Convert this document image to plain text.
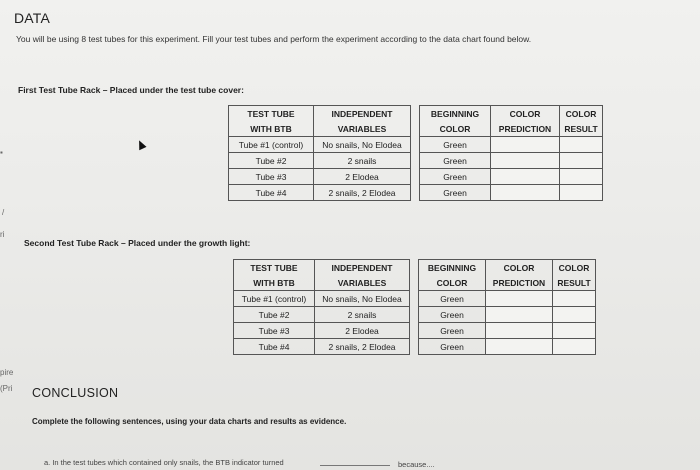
▪
/
ri
pire
(Pri
DATA
You will be using 8 test tubes for this experiment. Fill your test tubes and perform the experiment according to the data chart found below.
First Test Tube Rack – Placed under the test tube cover:
TEST TUBE	INDEPENDENT		BEGINNING	COLOR	COLOR
WITH BTB	VARIABLES		COLOR	PREDICTION	RESULT
Tube #1 (control)	No snails, No Elodea		Green		
Tube #2	2 snails		Green		
Tube #3	2 Elodea		Green		
Tube #4	2 snails, 2 Elodea		Green		
Second Test Tube Rack – Placed under the growth light:
TEST TUBE	INDEPENDENT		BEGINNING	COLOR	COLOR
WITH BTB	VARIABLES		COLOR	PREDICTION	RESULT
Tube #1 (control)	No snails, No Elodea		Green		
Tube #2	2 snails		Green		
Tube #3	2 Elodea		Green		
Tube #4	2 snails, 2 Elodea		Green		
CONCLUSION
Complete the following sentences, using your data charts and results as evidence.
a. In the test tubes which contained only snails, the BTB indicator turned	because....
